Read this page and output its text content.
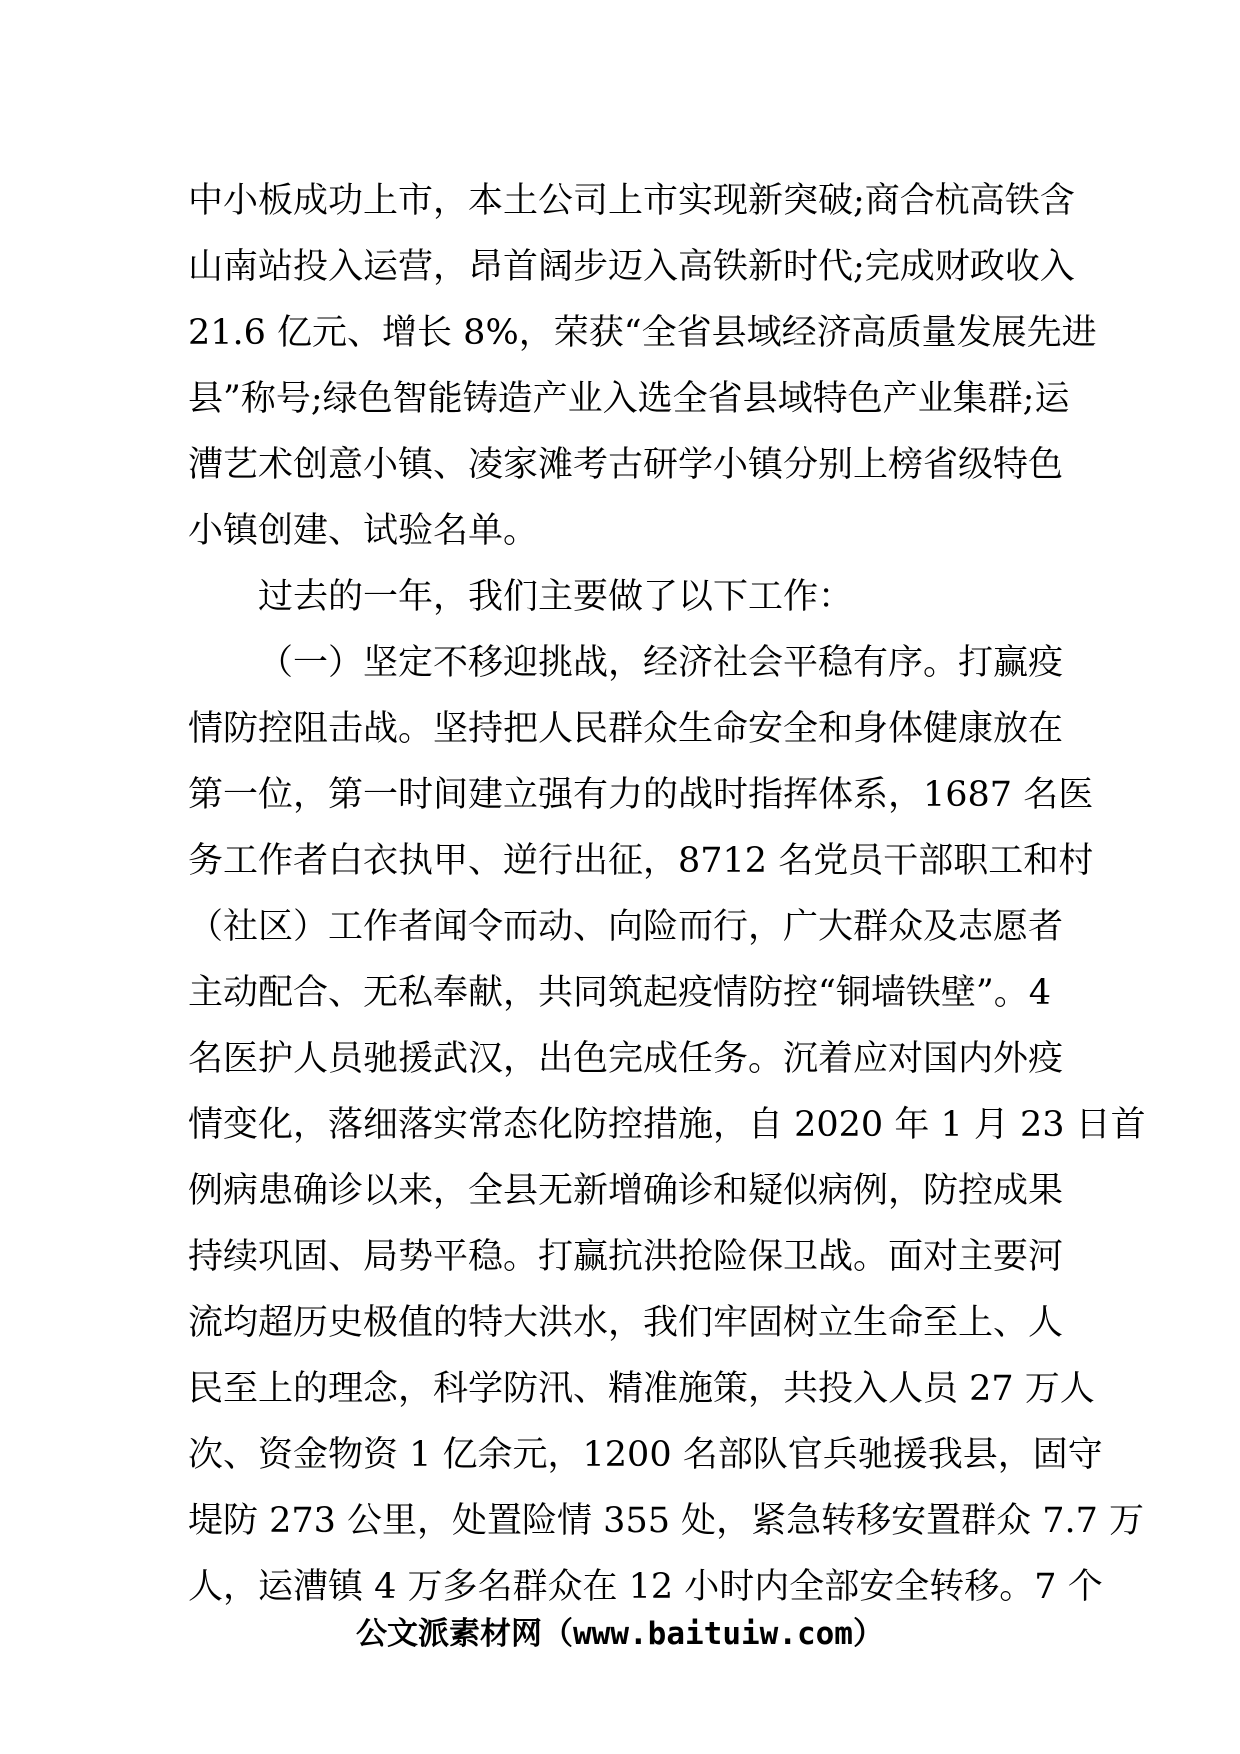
中小板成功上市，本土公司上市实现新突破;商合杭高铁含
山南站投入运营，昂首阔步迈入高铁新时代;完成财政收入
21.6 亿元、增长 8%，荣获“全省县域经济高质量发展先进
县”称号;绿色智能铸造产业入选全省县域特色产业集群;运
漕艺术创意小镇、凌家滩考古研学小镇分别上榜省级特色
小镇创建、试验名单。
过去的一年，我们主要做了以下工作：
（一）坚定不移迎挑战，经济社会平稳有序。打赢疫
情防控阻击战。坚持把人民群众生命安全和身体健康放在
第一位，第一时间建立强有力的战时指挥体系，1687 名医
务工作者白衣执甲、逆行出征，8712 名党员干部职工和村
（社区）工作者闻令而动、向险而行，广大群众及志愿者
主动配合、无私奉献，共同筑起疫情防控“铜墙铁壁”。4
名医护人员驰援武汉，出色完成任务。沉着应对国内外疫
情变化，落细落实常态化防控措施，自 2020 年 1 月 23 日首
例病患确诊以来，全县无新增确诊和疑似病例，防控成果
持续巩固、局势平稳。打赢抗洪抢险保卫战。面对主要河
流均超历史极值的特大洪水，我们牢固树立生命至上、人
民至上的理念，科学防汛、精准施策，共投入人员 27 万人
次、资金物资 1 亿余元，1200 名部队官兵驰援我县，固守
堤防 273 公里，处置险情 355 处，紧急转移安置群众 7.7 万
人，运漕镇 4 万多名群众在 12 小时内全部安全转移。7 个
公文派素材网（www.baituiw.com）
